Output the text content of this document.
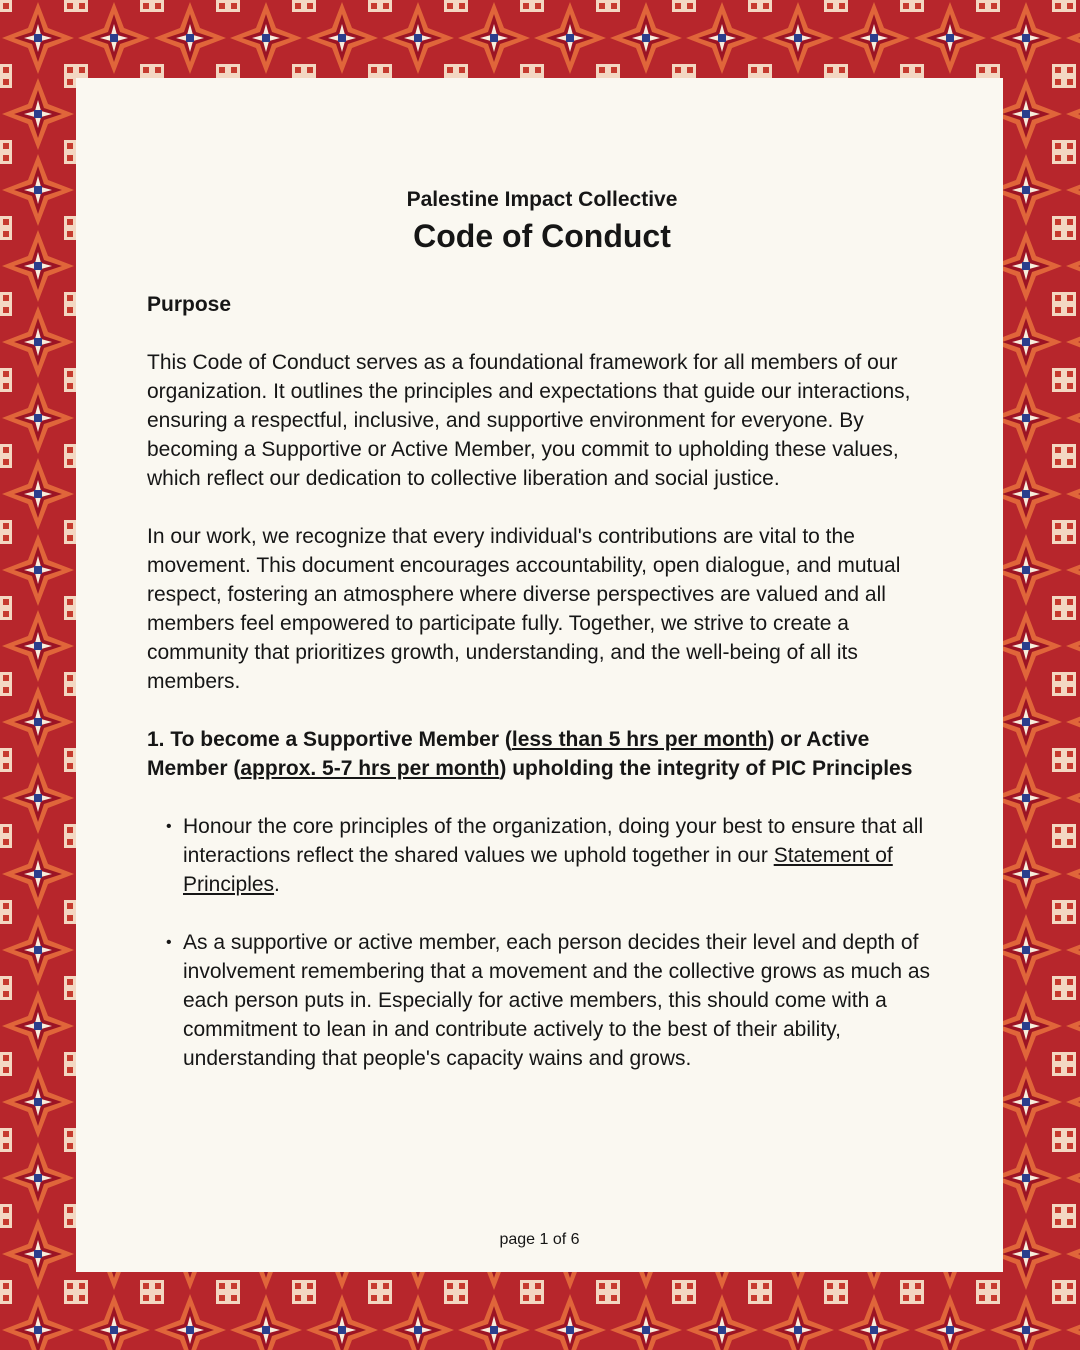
Palestine Impact Collective
Code of Conduct

Purpose

This Code of Conduct serves as a foundational framework for all members of our organization. It outlines the principles and expectations that guide our interactions, ensuring a respectful, inclusive, and supportive environment for everyone. By becoming a Supportive or Active Member, you commit to upholding these values, which reflect our dedication to collective liberation and social justice.

In our work, we recognize that every individual's contributions are vital to the movement. This document encourages accountability, open dialogue, and mutual respect, fostering an atmosphere where diverse perspectives are valued and all members feel empowered to participate fully. Together, we strive to create a community that prioritizes growth, understanding, and the well-being of all its members.

1. To become a Supportive Member (less than 5 hrs per month) or Active Member (approx. 5-7 hrs per month) upholding the integrity of PIC Principles

• Honour the core principles of the organization, doing your best to ensure that all interactions reflect the shared values we uphold together in our Statement of Principles.
• As a supportive or active member, each person decides their level and depth of involvement remembering that a movement and the collective grows as much as each person puts in. Especially for active members, this should come with a commitment to lean in and contribute actively to the best of their ability, understanding that people's capacity wains and grows.
page 1 of 6
